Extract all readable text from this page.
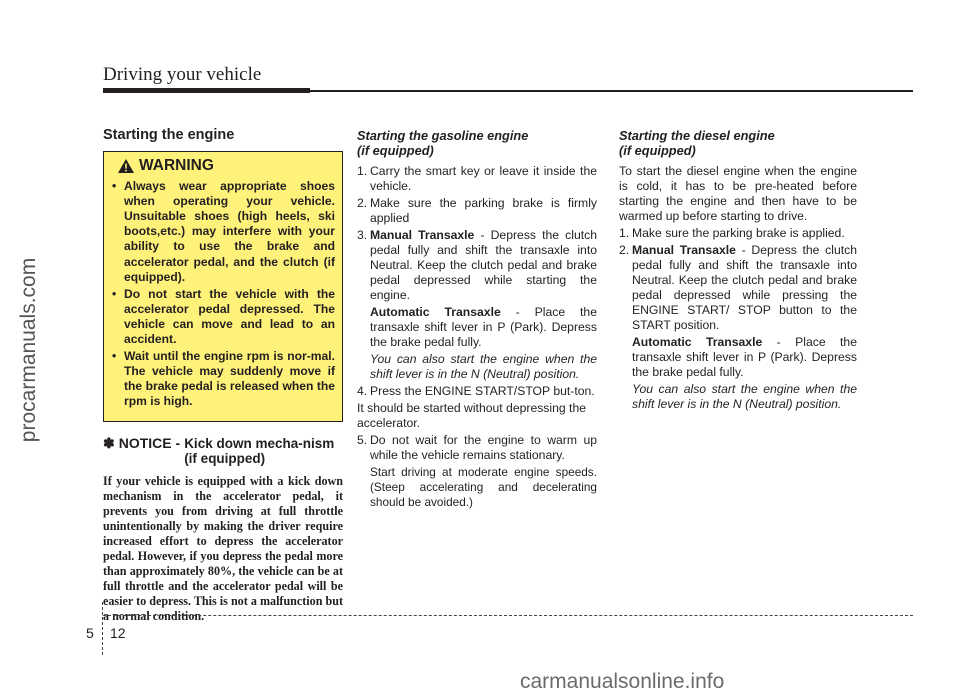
Driving your vehicle
procarmanuals.com
Starting the engine
WARNING
• Always wear appropriate shoes when operating your vehicle. Unsuitable shoes (high heels, ski boots,etc.) may interfere with your ability to use the brake and accelerator pedal, and the clutch (if equipped).
• Do not start the vehicle with the accelerator pedal depressed. The vehicle can move and lead to an accident.
• Wait until the engine rpm is nor-mal. The vehicle may suddenly move if the brake pedal is released when the rpm is high.
✽ NOTICE - Kick down mecha-nism (if equipped)
If your vehicle is equipped with a kick down mechanism in the accelerator pedal, it prevents you from driving at full throttle unintentionally by making the driver require increased effort to depress the accelerator pedal. However, if you depress the pedal more than approximately 80%, the vehicle can be at full throttle and the accelerator pedal will be easier to depress. This is not a malfunction but a normal condition.
Starting the gasoline engine
(if equipped)
1. Carry the smart key or leave it inside the vehicle.
2. Make sure the parking brake is firmly applied
3. Manual Transaxle - Depress the clutch pedal fully and shift the transaxle into Neutral. Keep the clutch pedal and brake pedal depressed while starting the engine.
Automatic Transaxle - Place the transaxle shift lever in P (Park). Depress the brake pedal fully.
You can also start the engine when the shift lever is in the N (Neutral) position.
4. Press the ENGINE START/STOP but-ton.
It should be started without depressing the accelerator.
5. Do not wait for the engine to warm up while the vehicle remains stationary.
Start driving at moderate engine speeds. (Steep accelerating and decelerating should be avoided.)
Starting the diesel engine
(if equipped)
To start the diesel engine when the engine is cold, it has to be pre-heated before starting the engine and then have to be warmed up before starting to drive.
1. Make sure the parking brake is applied.
2. Manual Transaxle - Depress the clutch pedal fully and shift the transaxle into Neutral. Keep the clutch pedal and brake pedal depressed while pressing the ENGINE START/ STOP button to the START position.
Automatic Transaxle - Place the transaxle shift lever in P (Park). Depress the brake pedal fully.
You can also start the engine when the shift lever is in the N (Neutral) position.
5 12
carmanualsonline.info
